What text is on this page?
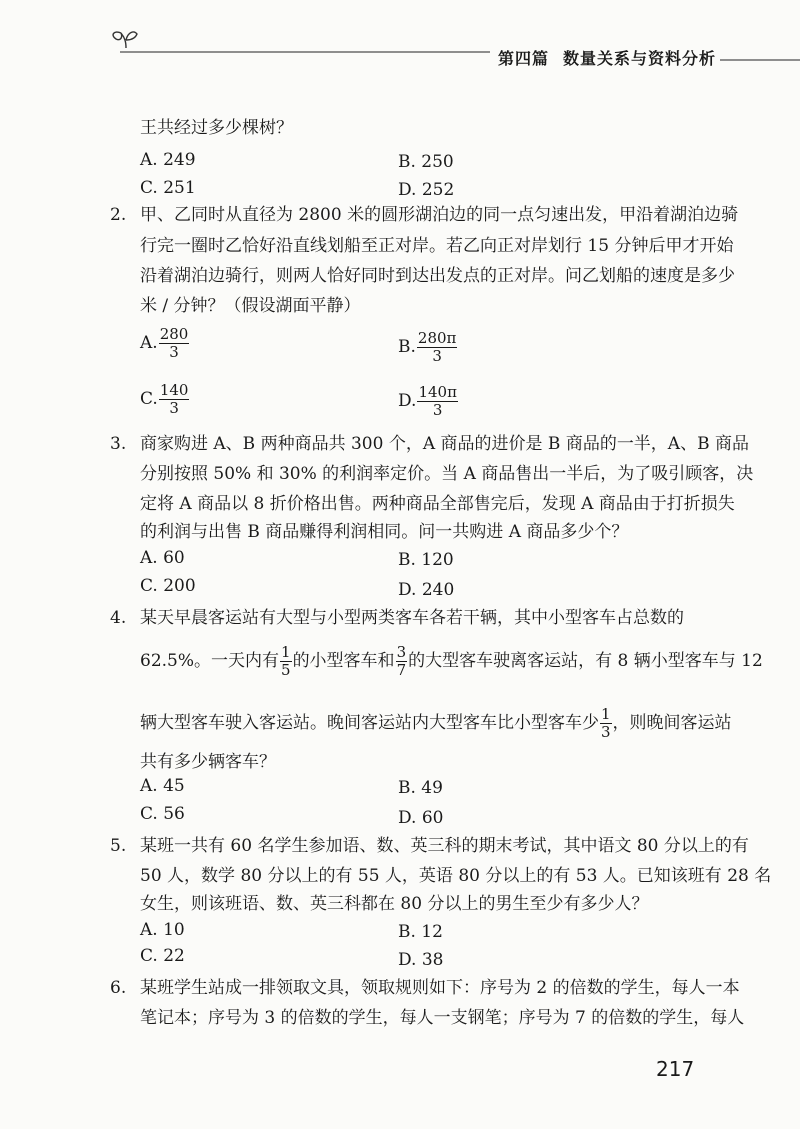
第四篇 数量关系与资料分析
王共经过多少棵树？
A. 249	B. 250
C. 251	D. 252
2. 甲、乙同时从直径为 2800 米的圆形湖泊边的同一点匀速出发，甲沿着湖泊边骑
行完一圈时乙恰好沿直线划船至正对岸。若乙向正对岸划行 15 分钟后甲才开始
沿着湖泊边骑行，则两人恰好同时到达出发点的正对岸。问乙划船的速度是多少
米 / 分钟？（假设湖面平静）
A. $\frac{280}{3}$	B. $\frac{280\pi}{3}$
C. $\frac{140}{3}$	D. $\frac{140\pi}{3}$
3. 商家购进 A、B 两种商品共 300 个，A 商品的进价是 B 商品的一半，A、B 商品
分别按照 50% 和 30% 的利润率定价。当 A 商品售出一半后，为了吸引顾客，决
定将 A 商品以 8 折价格出售。两种商品全部售完后，发现 A 商品由于打折损失
的利润与出售 B 商品赚得利润相同。问一共购进 A 商品多少个？
A. 60	B. 120
C. 200	D. 240
4. 某天早晨客运站有大型与小型两类客车各若干辆，其中小型客车占总数的
62.5%。一天内有 $\frac{1}{5}$ 的小型客车和 $\frac{3}{7}$ 的大型客车驶离客运站，有 8 辆小型客车与 12
辆大型客车驶入客运站。晚间客运站内大型客车比小型客车少 $\frac{1}{3}$ ，则晚间客运站
共有多少辆客车？
A. 45	B. 49
C. 56	D. 60
5. 某班一共有 60 名学生参加语、数、英三科的期末考试，其中语文 80 分以上的有
50 人，数学 80 分以上的有 55 人，英语 80 分以上的有 53 人。已知该班有 28 名
女生，则该班语、数、英三科都在 80 分以上的男生至少有多少人？
A. 10	B. 12
C. 22	D. 38
6. 某班学生站成一排领取文具，领取规则如下：序号为 2 的倍数的学生，每人一本
笔记本；序号为 3 的倍数的学生，每人一支钢笔；序号为 7 的倍数的学生，每人
217
